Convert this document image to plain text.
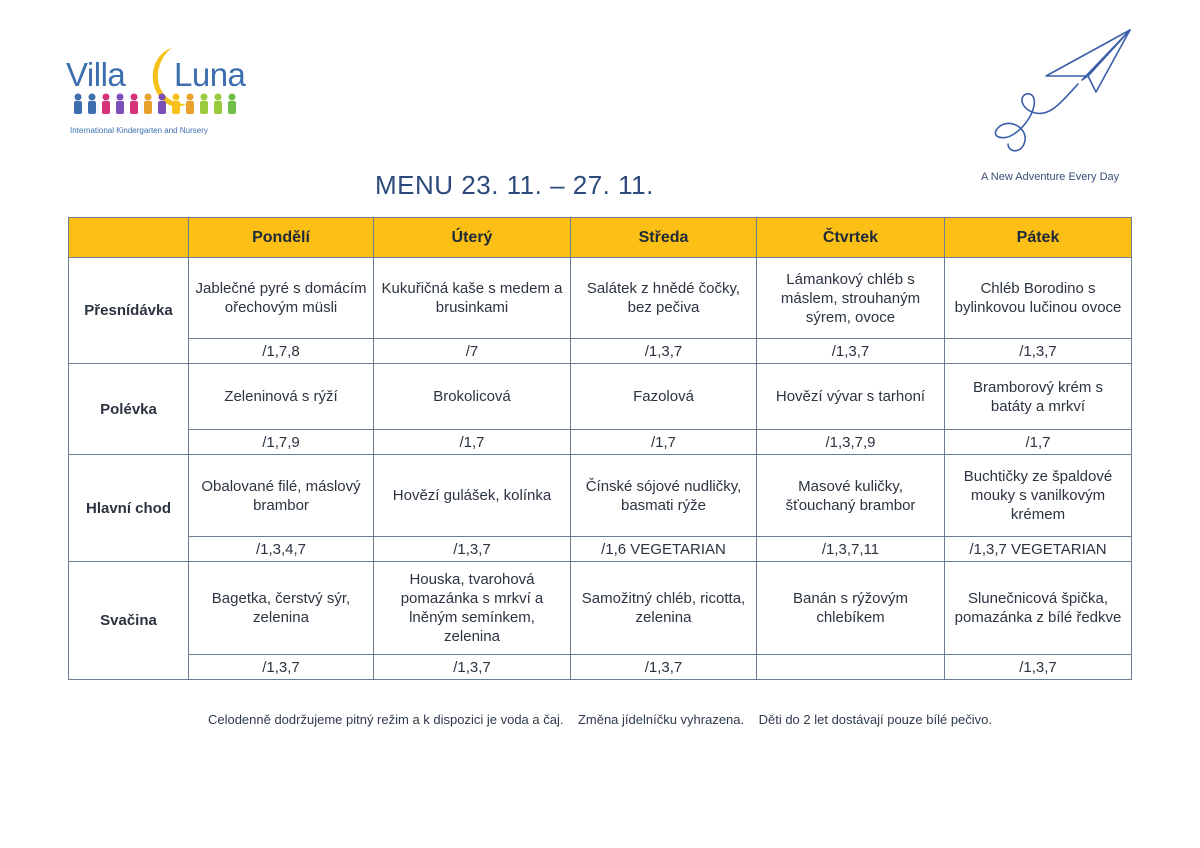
Villa Luna
International Kindergarten and Nursery
A New Adventure Every Day
MENU 23. 11. – 27. 11.
	Pondělí	Úterý	Středa	Čtvrtek	Pátek
Přesnídávka	Jablečné pyré s domácím ořechovým müsli	Kukuřičná kaše s medem a brusinkami	Salátek z hnědé čočky, bez pečiva	Lámankový chléb s máslem, strouhaným sýrem, ovoce	Chléb Borodino s bylinkovou lučinou ovoce
	/1,7,8	/7	/1,3,7	/1,3,7	/1,3,7
Polévka	Zeleninová s rýží	Brokolicová	Fazolová	Hovězí vývar s tarhoní	Bramborový krém s batáty a mrkví
	/1,7,9	/1,7	/1,7	/1,3,7,9	/1,7
Hlavní chod	Obalované filé, máslový brambor	Hovězí gulášek, kolínka	Čínské sójové nudličky, basmati rýže	Masové kuličky, šťouchaný brambor	Buchtičky ze špaldové mouky s vanilkovým krémem
	/1,3,4,7	/1,3,7	/1,6 VEGETARIAN	/1,3,7,11	/1,3,7 VEGETARIAN
Svačina	Bagetka, čerstvý sýr, zelenina	Houska, tvarohová pomazánka s mrkví a lněným semínkem, zelenina	Samožitný chléb, ricotta, zelenina	Banán s rýžovým chlebíkem	Slunečnicová špička, pomazánka z bílé ředkve
	/1,3,7	/1,3,7	/1,3,7		/1,3,7
Celodenně dodržujeme pitný režim a k dispozici je voda a čaj. Změna jídelníčku vyhrazena. Děti do 2 let dostávají pouze bílé pečivo.
